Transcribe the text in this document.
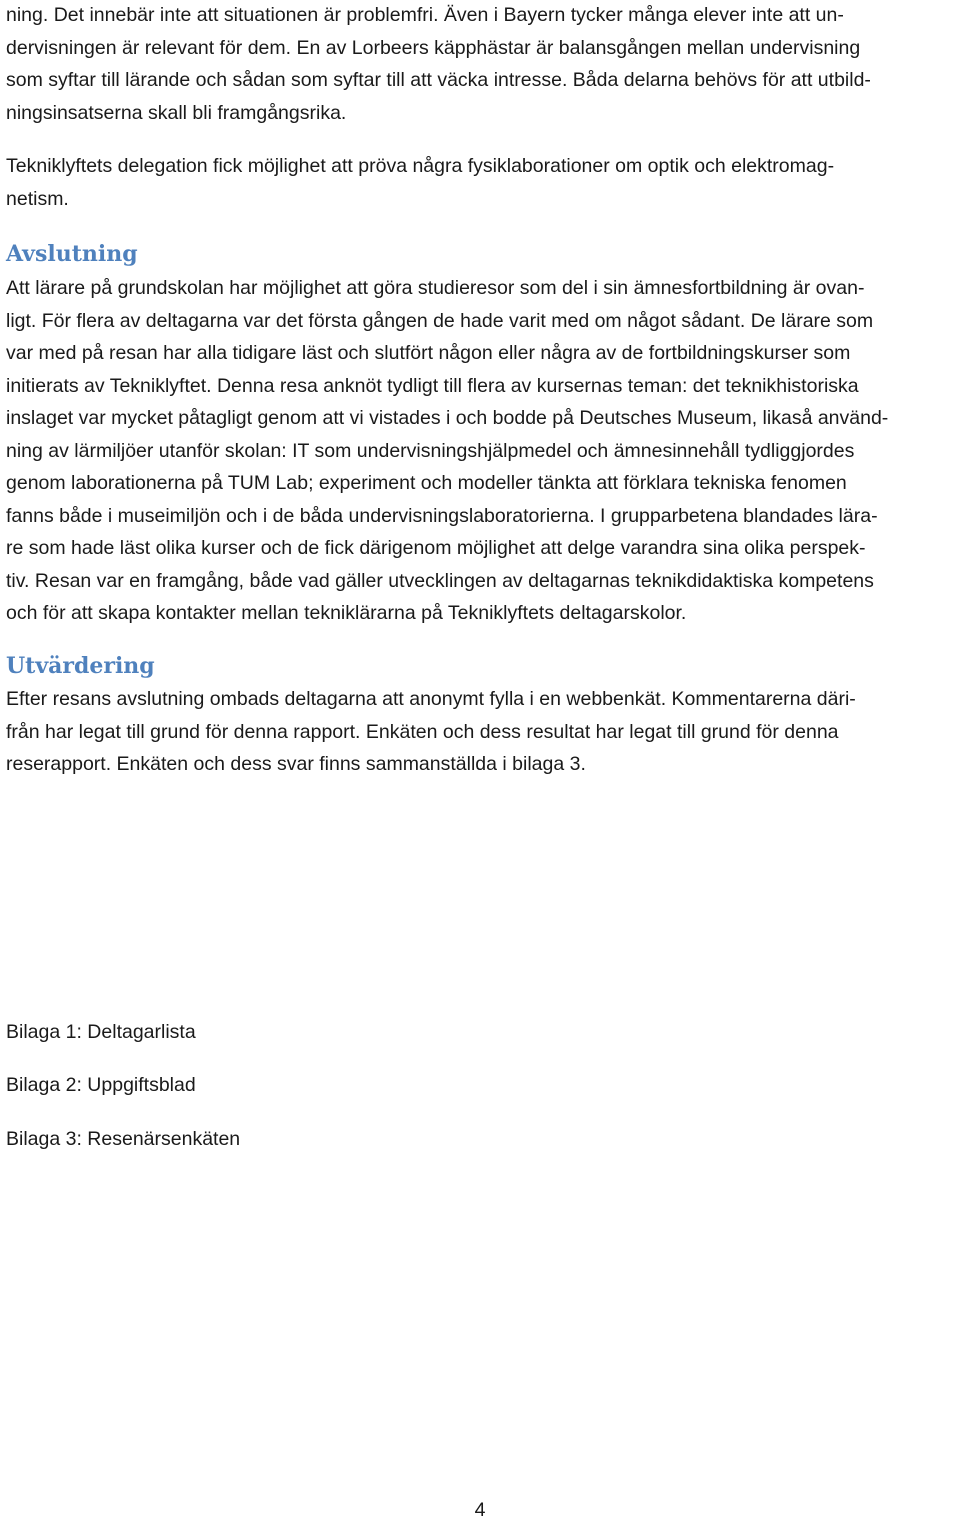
ning. Det innebär inte att situationen är problemfri. Även i Bayern tycker många elever inte att un-
dervisningen är relevant för dem. En av Lorbeers käpphästar är balansgången mellan undervisning
som syftar till lärande och sådan som syftar till att väcka intresse. Båda delarna behövs för att utbild-
ningsinsatserna skall bli framgångsrika.
Tekniklyftets delegation fick möjlighet att pröva några fysiklaborationer om optik och elektromag-
netism.
Avslutning
Att lärare på grundskolan har möjlighet att göra studieresor som del i sin ämnesfortbildning är ovan-
ligt. För flera av deltagarna var det första gången de hade varit med om något sådant. De lärare som
var med på resan har alla tidigare läst och slutfört någon eller några av de fortbildningskurser som
initierats av Tekniklyftet. Denna resa anknöt tydligt till flera av kursernas teman: det teknikhistoriska
inslaget var mycket påtagligt genom att vi vistades i och bodde på Deutsches Museum, likaså använd-
ning av lärmiljöer utanför skolan: IT som undervisningshjälpmedel och ämnesinnehåll tydliggjordes
genom laborationerna på TUM Lab; experiment och modeller tänkta att förklara tekniska fenomen
fanns både i museimiljön och i de båda undervisningslaboratorierna. I grupparbetena blandades lära-
re som hade läst olika kurser och de fick därigenom möjlighet att delge varandra sina olika perspek-
tiv. Resan var en framgång, både vad gäller utvecklingen av deltagarnas teknikdidaktiska kompetens
och för att skapa kontakter mellan tekniklärarna på Tekniklyftets deltagarskolor.
Utvärdering
Efter resans avslutning ombads deltagarna att anonymt fylla i en webbenkät. Kommentarerna däri-
från har legat till grund för denna rapport. Enkäten och dess resultat har legat till grund för denna
reserapport. Enkäten och dess svar finns sammanställda i bilaga 3.
Bilaga 1: Deltagarlista
Bilaga 2: Uppgiftsblad
Bilaga 3: Resenärsenkäten
4
